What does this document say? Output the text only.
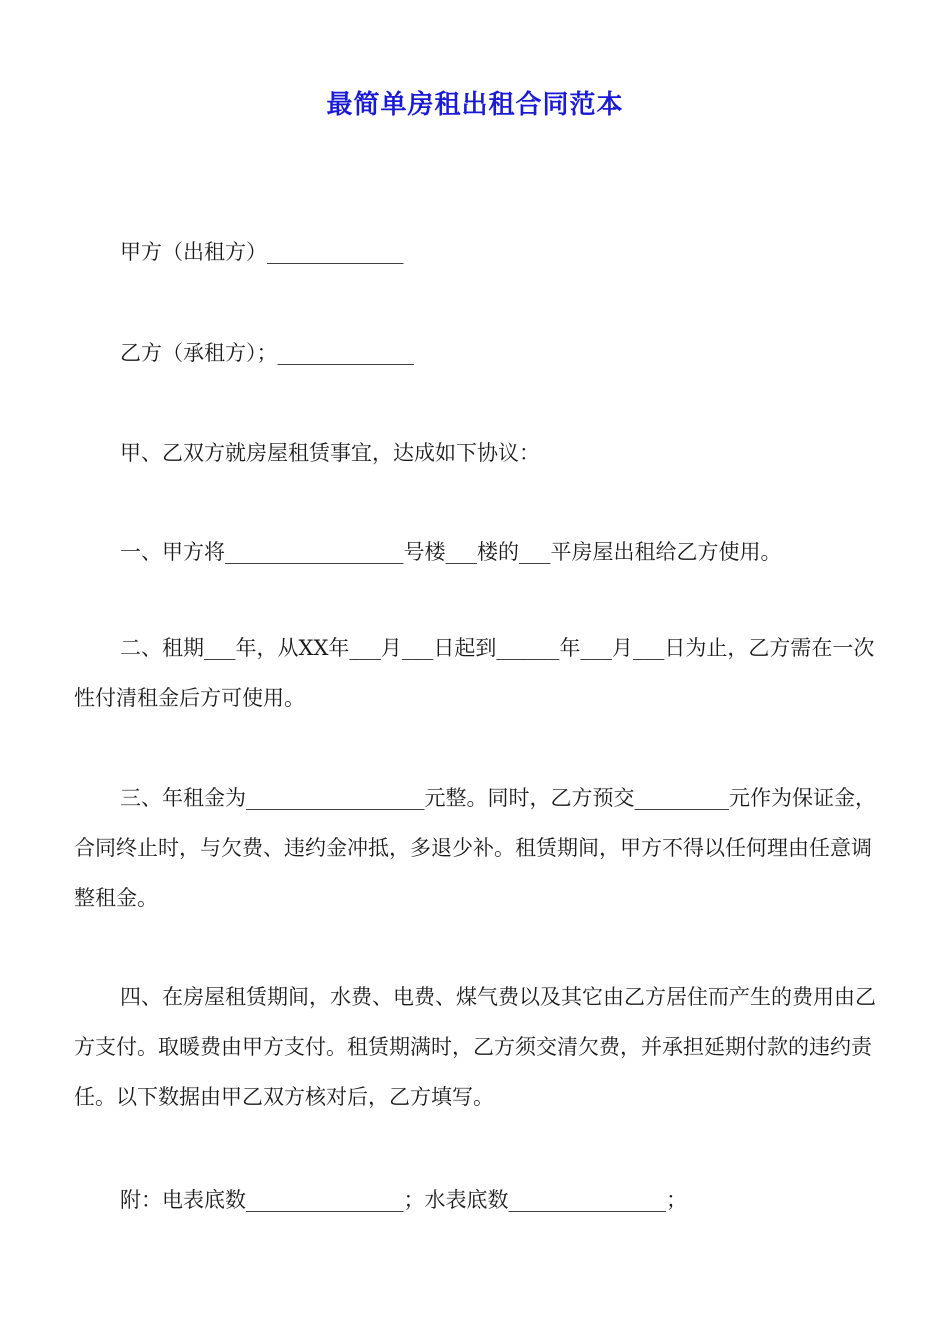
最简单房租出租合同范本
甲方（出租方）_____________
乙方（承租方）；_____________
甲、乙双方就房屋租赁事宜，达成如下协议：
一、甲方将_________________号楼___楼的___平房屋出租给乙方使用。
二、租期___年，从XX年___月___日起到______年___月___日为止，乙方需在一次性付清租金后方可使用。
三、年租金为_________________元整。同时，乙方预交_________元作为保证金，合同终止时，与欠费、违约金冲抵，多退少补。租赁期间，甲方不得以任何理由任意调整租金。
四、在房屋租赁期间，水费、电费、煤气费以及其它由乙方居住而产生的费用由乙方支付。取暖费由甲方支付。租赁期满时，乙方须交清欠费，并承担延期付款的违约责任。以下数据由甲乙双方核对后，乙方填写。
附：电表底数_______________；水表底数_______________；
